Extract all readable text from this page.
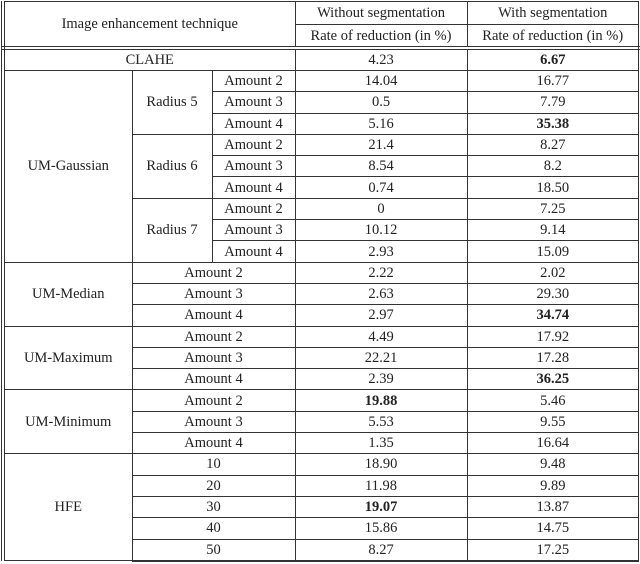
Image enhancement technique			Without segmentation	With segmentation
			Rate of reduction (in %)	Rate of reduction (in %)
CLAHE			4.23	6.67
UM-Gaussian	Radius 5	Amount 2	14.04	16.77
		Amount 3	0.5	7.79
		Amount 4	5.16	35.38
	Radius 6	Amount 2	21.4	8.27
		Amount 3	8.54	8.2
		Amount 4	0.74	18.50
	Radius 7	Amount 2	0	7.25
		Amount 3	10.12	9.14
		Amount 4	2.93	15.09
UM-Median	Amount 2		2.22	2.02
	Amount 3		2.63	29.30
	Amount 4		2.97	34.74
UM-Maximum	Amount 2		4.49	17.92
	Amount 3		22.21	17.28
	Amount 4		2.39	36.25
UM-Minimum	Amount 2		19.88	5.46
	Amount 3		5.53	9.55
	Amount 4		1.35	16.64
HFE	10		18.90	9.48
	20		11.98	9.89
	30		19.07	13.87
	40		15.86	14.75
	50		8.27	17.25
